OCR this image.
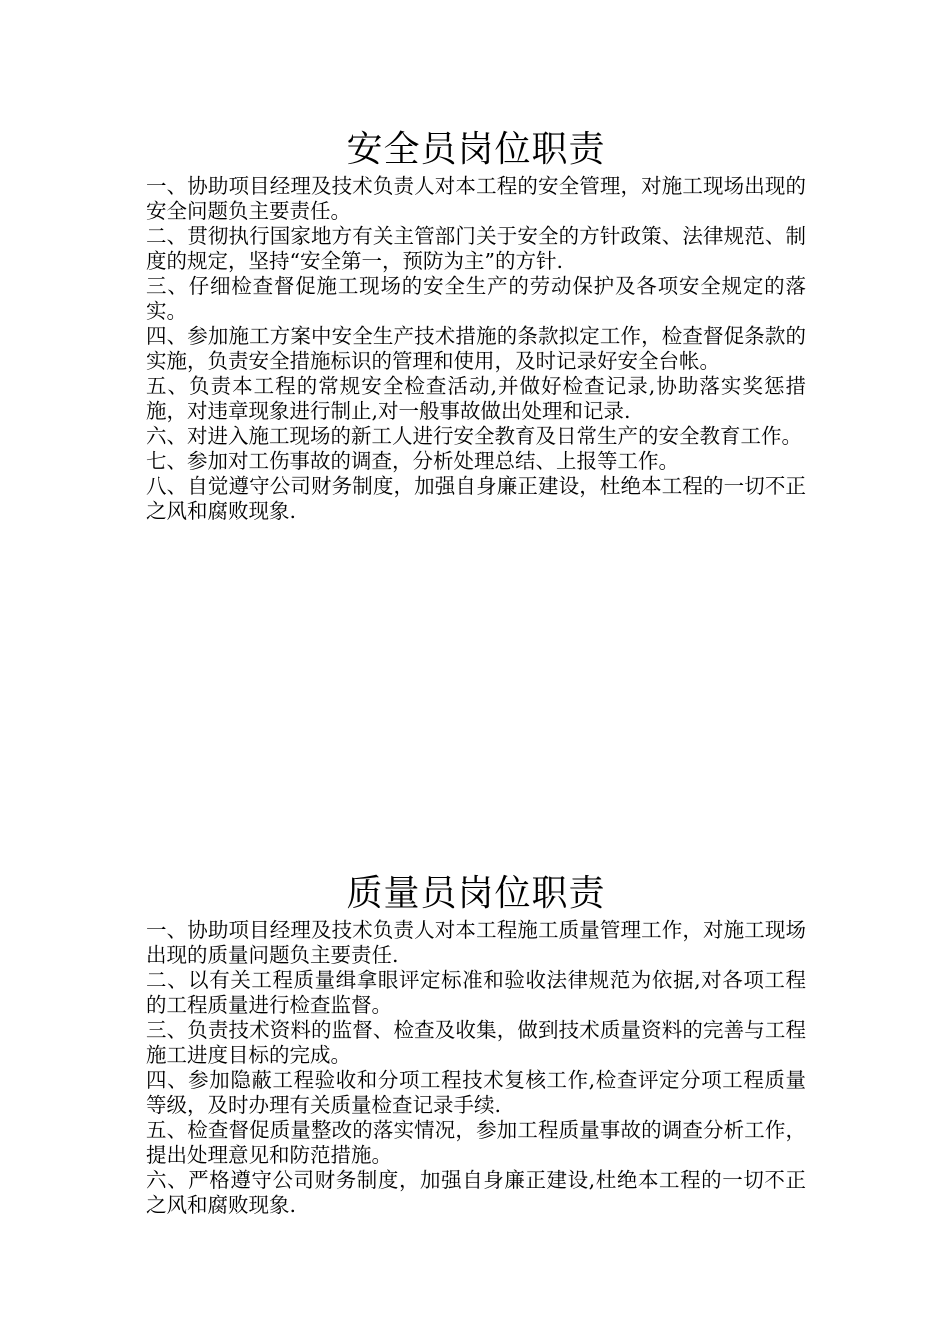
安全员岗位职责

一、协助项目经理及技术负责人对本工程的安全管理，对施工现场出现的安全问题负主要责任。

二、贯彻执行国家地方有关主管部门关于安全的方针政策、法律规范、制度的规定，坚持“安全第一，预防为主”的方针.

三、仔细检查督促施工现场的安全生产的劳动保护及各项安全规定的落实。

四、参加施工方案中安全生产技术措施的条款拟定工作，检查督促条款的实施，负责安全措施标识的管理和使用，及时记录好安全台帐。

五、负责本工程的常规安全检查活动,并做好检查记录,协助落实奖惩措施，对违章现象进行制止,对一般事故做出处理和记录.

六、对进入施工现场的新工人进行安全教育及日常生产的安全教育工作。

七、参加对工伤事故的调查，分析处理总结、上报等工作。

八、自觉遵守公司财务制度，加强自身廉正建设，杜绝本工程的一切不正之风和腐败现象.

质量员岗位职责

一、协助项目经理及技术负责人对本工程施工质量管理工作，对施工现场出现的质量问题负主要责任.

二、以有关工程质量缉拿眼评定标准和验收法律规范为依据,对各项工程的工程质量进行检查监督。

三、负责技术资料的监督、检查及收集，做到技术质量资料的完善与工程施工进度目标的完成。

四、参加隐蔽工程验收和分项工程技术复核工作,检查评定分项工程质量等级，及时办理有关质量检查记录手续.

五、检查督促质量整改的落实情况，参加工程质量事故的调查分析工作，提出处理意见和防范措施。

六、严格遵守公司财务制度，加强自身廉正建设,杜绝本工程的一切不正之风和腐败现象.
